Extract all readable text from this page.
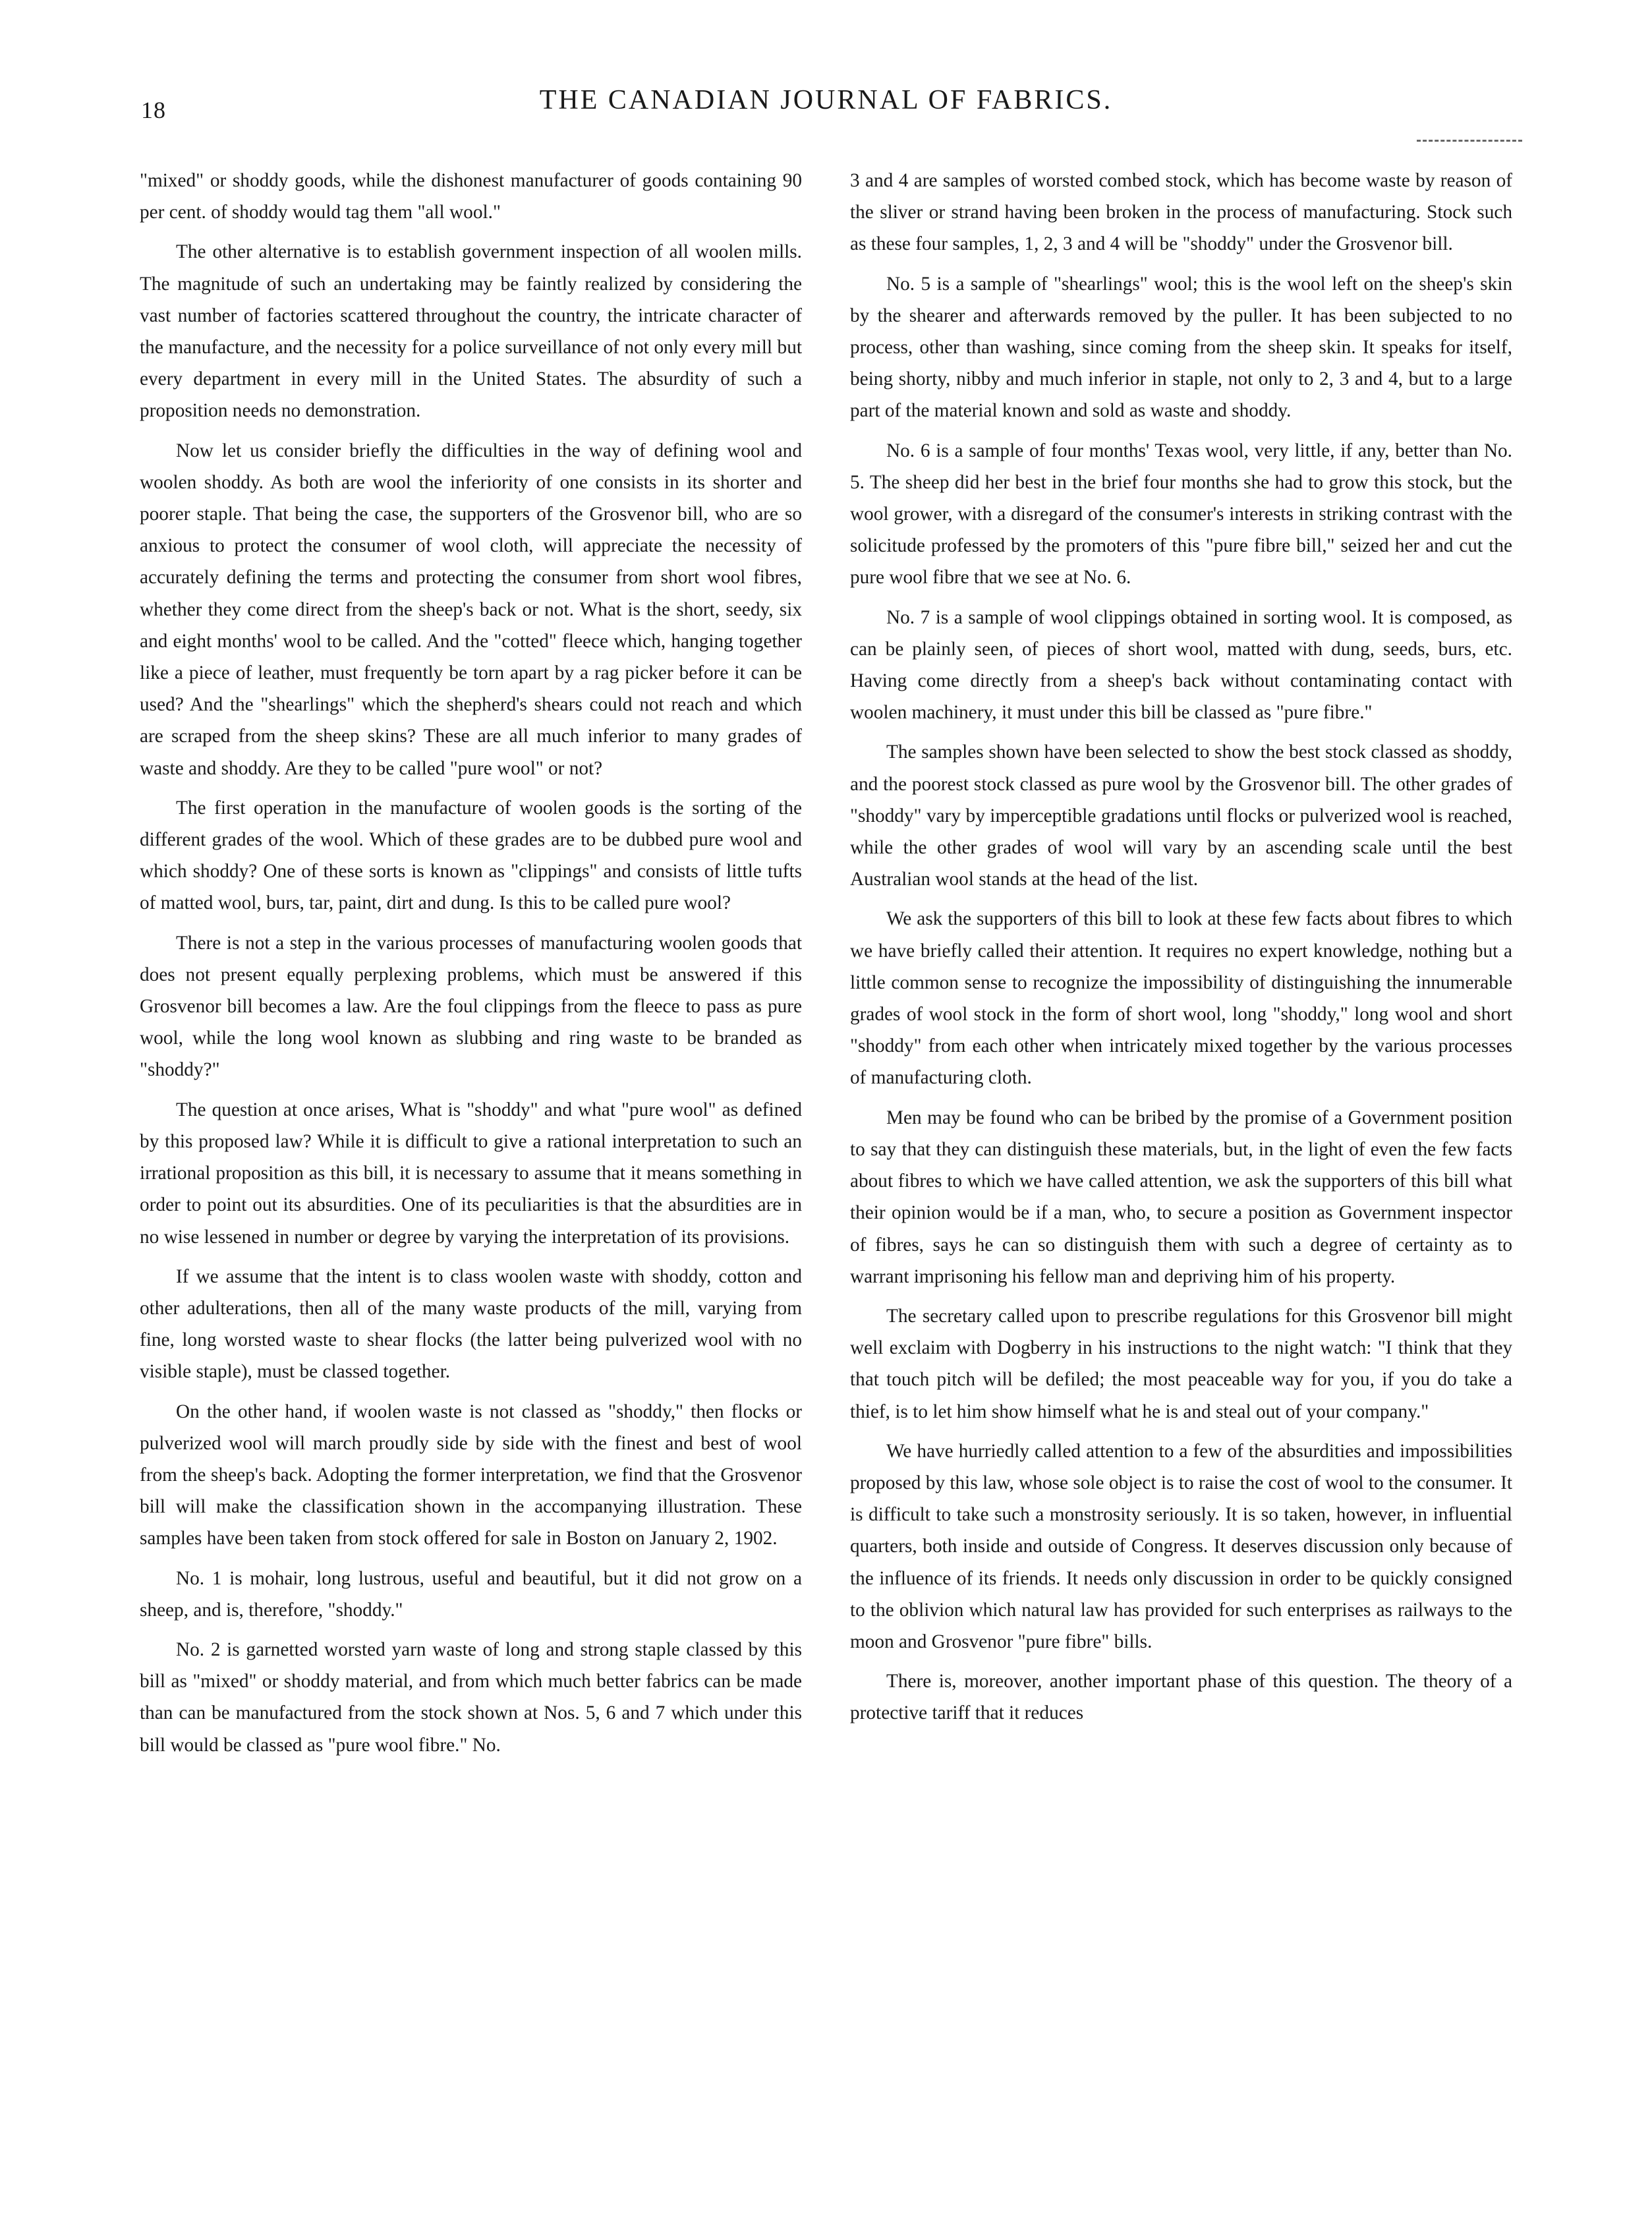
18	THE CANADIAN JOURNAL OF FABRICS.

"mixed" or shoddy goods, while the dishonest manufacturer of goods containing 90 per cent. of shoddy would tag them "all wool."

The other alternative is to establish government inspection of all woolen mills. The magnitude of such an undertaking may be faintly realized by considering the vast number of factories scattered throughout the country, the intricate character of the manufacture, and the necessity for a police surveillance of not only every mill but every department in every mill in the United States. The absurdity of such a proposition needs no demonstration.

Now let us consider briefly the difficulties in the way of defining wool and woolen shoddy. As both are wool the inferiority of one consists in its shorter and poorer staple. That being the case, the supporters of the Grosvenor bill, who are so anxious to protect the consumer of wool cloth, will appreciate the necessity of accurately defining the terms and protecting the consumer from short wool fibres, whether they come direct from the sheep's back or not. What is the short, seedy, six and eight months' wool to be called. And the "cotted" fleece which, hanging together like a piece of leather, must frequently be torn apart by a rag picker before it can be used? And the "shearlings" which the shepherd's shears could not reach and which are scraped from the sheep skins? These are all much inferior to many grades of waste and shoddy. Are they to be called "pure wool" or not?

The first operation in the manufacture of woolen goods is the sorting of the different grades of the wool. Which of these grades are to be dubbed pure wool and which shoddy? One of these sorts is known as "clippings" and consists of little tufts of matted wool, burs, tar, paint, dirt and dung. Is this to be called pure wool?

There is not a step in the various processes of manufacturing woolen goods that does not present equally perplexing problems, which must be answered if this Grosvenor bill becomes a law. Are the foul clippings from the fleece to pass as pure wool, while the long wool known as slubbing and ring waste to be branded as "shoddy?"

The question at once arises, What is "shoddy" and what "pure wool" as defined by this proposed law? While it is difficult to give a rational interpretation to such an irrational proposition as this bill, it is necessary to assume that it means something in order to point out its absurdities. One of its peculiarities is that the absurdities are in no wise lessened in number or degree by varying the interpretation of its provisions.

If we assume that the intent is to class woolen waste with shoddy, cotton and other adulterations, then all of the many waste products of the mill, varying from fine, long worsted waste to shear flocks (the latter being pulverized wool with no visible staple), must be classed together.

On the other hand, if woolen waste is not classed as "shoddy," then flocks or pulverized wool will march proudly side by side with the finest and best of wool from the sheep's back. Adopting the former interpretation, we find that the Grosvenor bill will make the classification shown in the accompanying illustration. These samples have been taken from stock offered for sale in Boston on January 2, 1902.

No. 1 is mohair, long lustrous, useful and beautiful, but it did not grow on a sheep, and is, therefore, "shoddy."

No. 2 is garnetted worsted yarn waste of long and strong staple classed by this bill as "mixed" or shoddy material, and from which much better fabrics can be made than can be manufactured from the stock shown at Nos. 5, 6 and 7 which under this bill would be classed as "pure wool fibre." No.

3 and 4 are samples of worsted combed stock, which has become waste by reason of the sliver or strand having been broken in the process of manufacturing. Stock such as these four samples, 1, 2, 3 and 4 will be "shoddy" under the Grosvenor bill.

No. 5 is a sample of "shearlings" wool; this is the wool left on the sheep's skin by the shearer and afterwards removed by the puller. It has been subjected to no process, other than washing, since coming from the sheep skin. It speaks for itself, being shorty, nibby and much inferior in staple, not only to 2, 3 and 4, but to a large part of the material known and sold as waste and shoddy.

No. 6 is a sample of four months' Texas wool, very little, if any, better than No. 5. The sheep did her best in the brief four months she had to grow this stock, but the wool grower, with a disregard of the consumer's interests in striking contrast with the solicitude professed by the promoters of this "pure fibre bill," seized her and cut the pure wool fibre that we see at No. 6.

No. 7 is a sample of wool clippings obtained in sorting wool. It is composed, as can be plainly seen, of pieces of short wool, matted with dung, seeds, burs, etc. Having come directly from a sheep's back without contaminating contact with woolen machinery, it must under this bill be classed as "pure fibre."

The samples shown have been selected to show the best stock classed as shoddy, and the poorest stock classed as pure wool by the Grosvenor bill. The other grades of "shoddy" vary by imperceptible gradations until flocks or pulverized wool is reached, while the other grades of wool will vary by an ascending scale until the best Australian wool stands at the head of the list.

We ask the supporters of this bill to look at these few facts about fibres to which we have briefly called their attention. It requires no expert knowledge, nothing but a little common sense to recognize the impossibility of distinguishing the innumerable grades of wool stock in the form of short wool, long "shoddy," long wool and short "shoddy" from each other when intricately mixed together by the various processes of manufacturing cloth.

Men may be found who can be bribed by the promise of a Government position to say that they can distinguish these materials, but, in the light of even the few facts about fibres to which we have called attention, we ask the supporters of this bill what their opinion would be if a man, who, to secure a position as Government inspector of fibres, says he can so distinguish them with such a degree of certainty as to warrant imprisoning his fellow man and depriving him of his property.

The secretary called upon to prescribe regulations for this Grosvenor bill might well exclaim with Dogberry in his instructions to the night watch: "I think that they that touch pitch will be defiled; the most peaceable way for you, if you do take a thief, is to let him show himself what he is and steal out of your company."

We have hurriedly called attention to a few of the absurdities and impossibilities proposed by this law, whose sole object is to raise the cost of wool to the consumer. It is difficult to take such a monstrosity seriously. It is so taken, however, in influential quarters, both inside and outside of Congress. It deserves discussion only because of the influence of its friends. It needs only discussion in order to be quickly consigned to the oblivion which natural law has provided for such enterprises as railways to the moon and Grosvenor "pure fibre" bills.

There is, moreover, another important phase of this question. The theory of a protective tariff that it reduces
